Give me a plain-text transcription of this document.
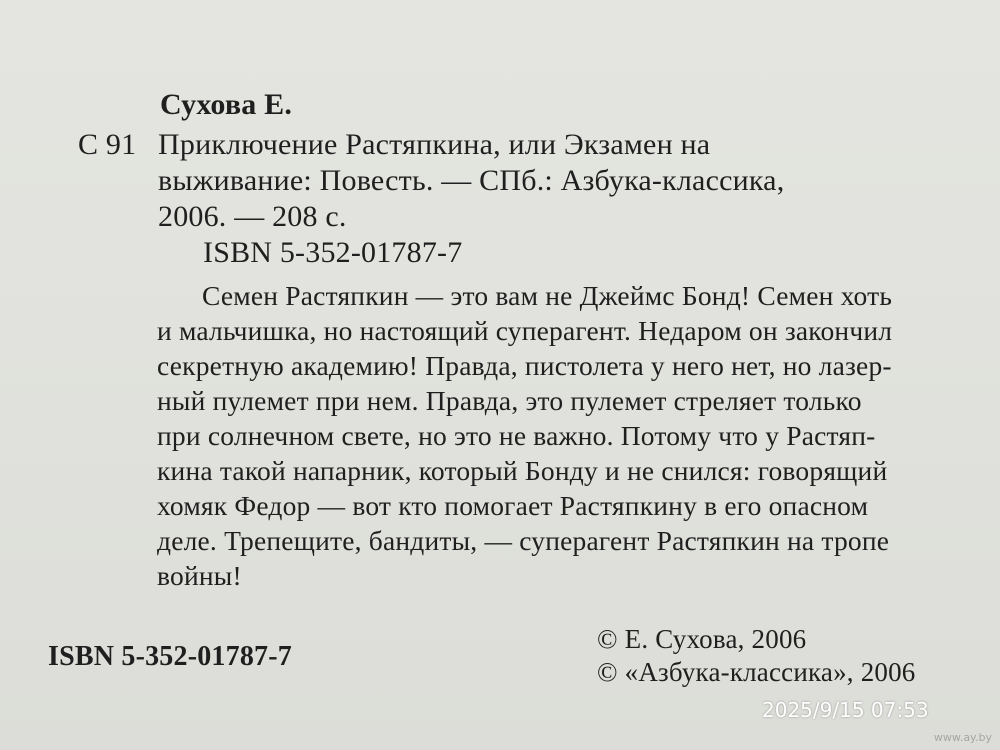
Сухова Е.
С 91 Приключение Растяпкина, или Экзамен на
выживание: Повесть. — СПб.: Азбука-классика,
2006. — 208 с.
ISBN 5-352-01787-7
Семен Растяпкин — это вам не Джеймс Бонд! Семен хоть
и мальчишка, но настоящий суперагент. Недаром он закончил
секретную академию! Правда, пистолета у него нет, но лазер-
ный пулемет при нем. Правда, это пулемет стреляет только
при солнечном свете, но это не важно. Потому что у Растяп-
кина такой напарник, который Бонду и не снился: говорящий
хомяк Федор — вот кто помогает Растяпкину в его опасном
деле. Трепещите, бандиты, — суперагент Растяпкин на тропе
войны!
ISBN 5-352-01787-7
© Е. Сухова, 2006
© «Азбука-классика», 2006
2025/9/15 07:53
www.ay.by
